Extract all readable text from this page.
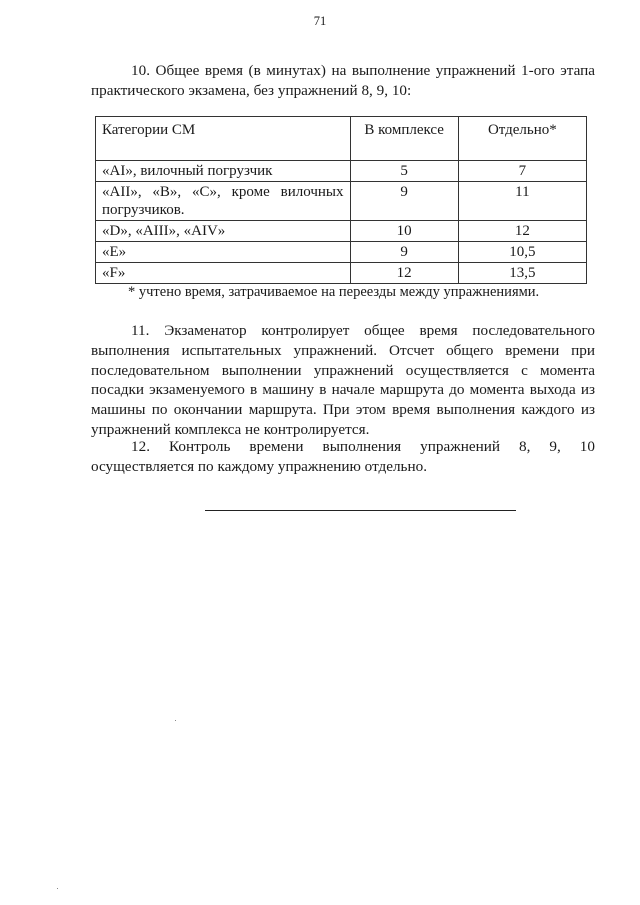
71

10. Общее время (в минутах) на выполнение упражнений 1-ого этапа практического экзамена, без упражнений 8, 9, 10:

Категории СМ	В комплексе	Отдельно*
«AI», вилочный погрузчик	5	7
«AII», «B», «C», кроме вилочных погрузчиков.	9	11
«D», «AIII», «AIV»	10	12
«E»	9	10,5
«F»	12	13,5
* учтено время, затрачиваемое на переезды между упражнениями.

11. Экзаменатор контролирует общее время последовательного выполнения испытательных упражнений. Отсчет общего времени при последовательном выполнении упражнений осуществляется с момента посадки экзаменуемого в машину в начале маршрута до момента выхода из машины по окончании маршрута. При этом время выполнения каждого из упражнений комплекса не контролируется.

12. Контроль времени выполнения упражнений 8, 9, 10 осуществляется по каждому упражнению отдельно.
